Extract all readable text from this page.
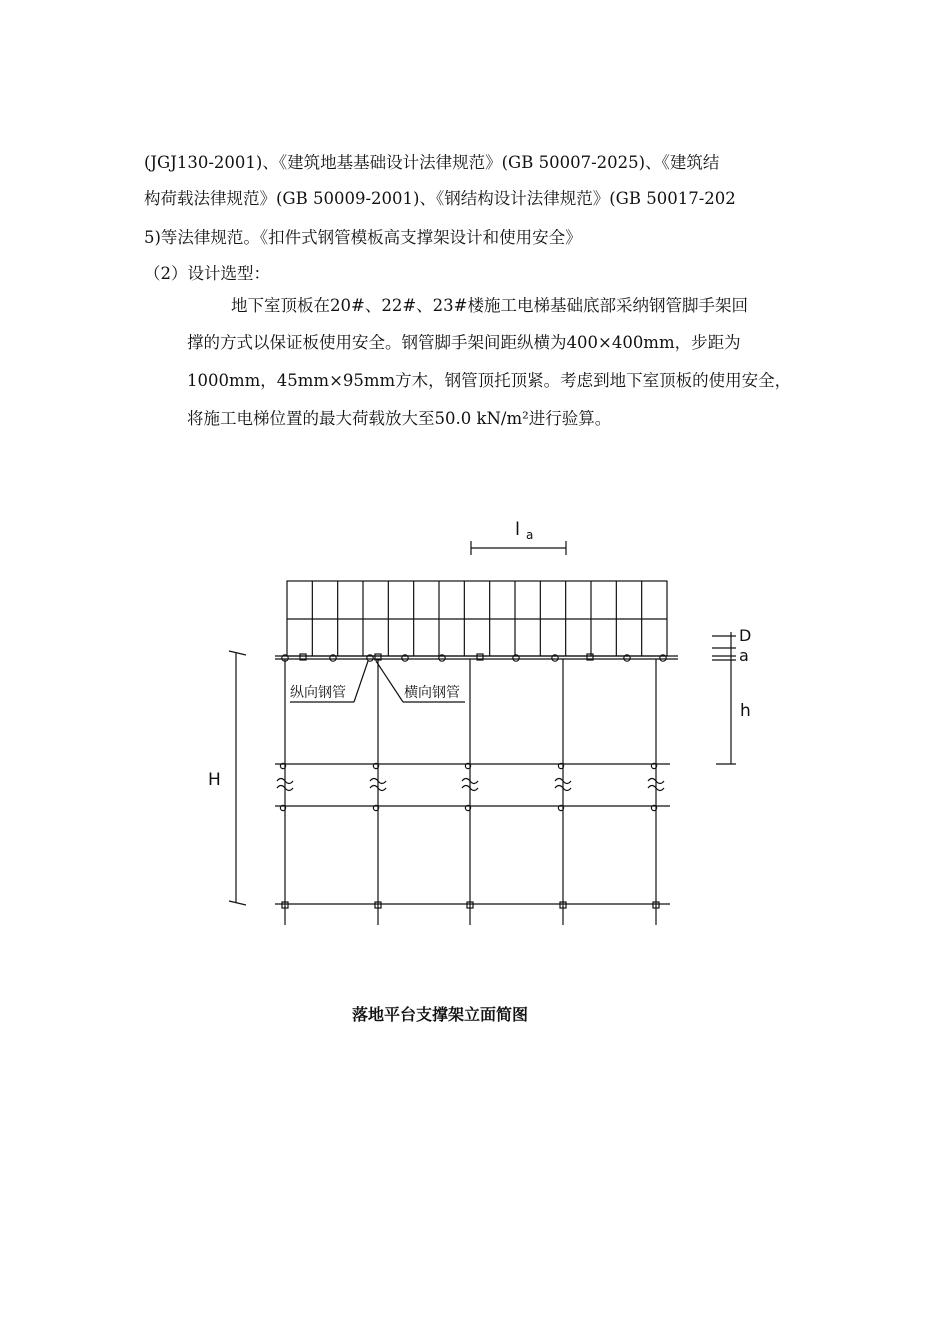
(JGJ130-2001)、《建筑地基基础设计法律规范》(GB 50007-2025)、《建筑结
构荷载法律规范》(GB 50009-2001)、《钢结构设计法律规范》(GB 50017-202
5)等法律规范。《扣件式钢管模板高支撑架设计和使用安全》
（2）设计选型：
地下室顶板在20#、22#、23#楼施工电梯基础底部采纳钢管脚手架回
撑的方式以保证板使用安全。钢管脚手架间距纵横为400×400mm，步距为
1000mm，45mm×95mm方木，钢管顶托顶紧。考虑到地下室顶板的使用安全，
将施工电梯位置的最大荷载放大至50.0 kN/m²进行验算。
l a
H
D
a
h
纵向钢管	横向钢管
落地平台支撑架立面简图
